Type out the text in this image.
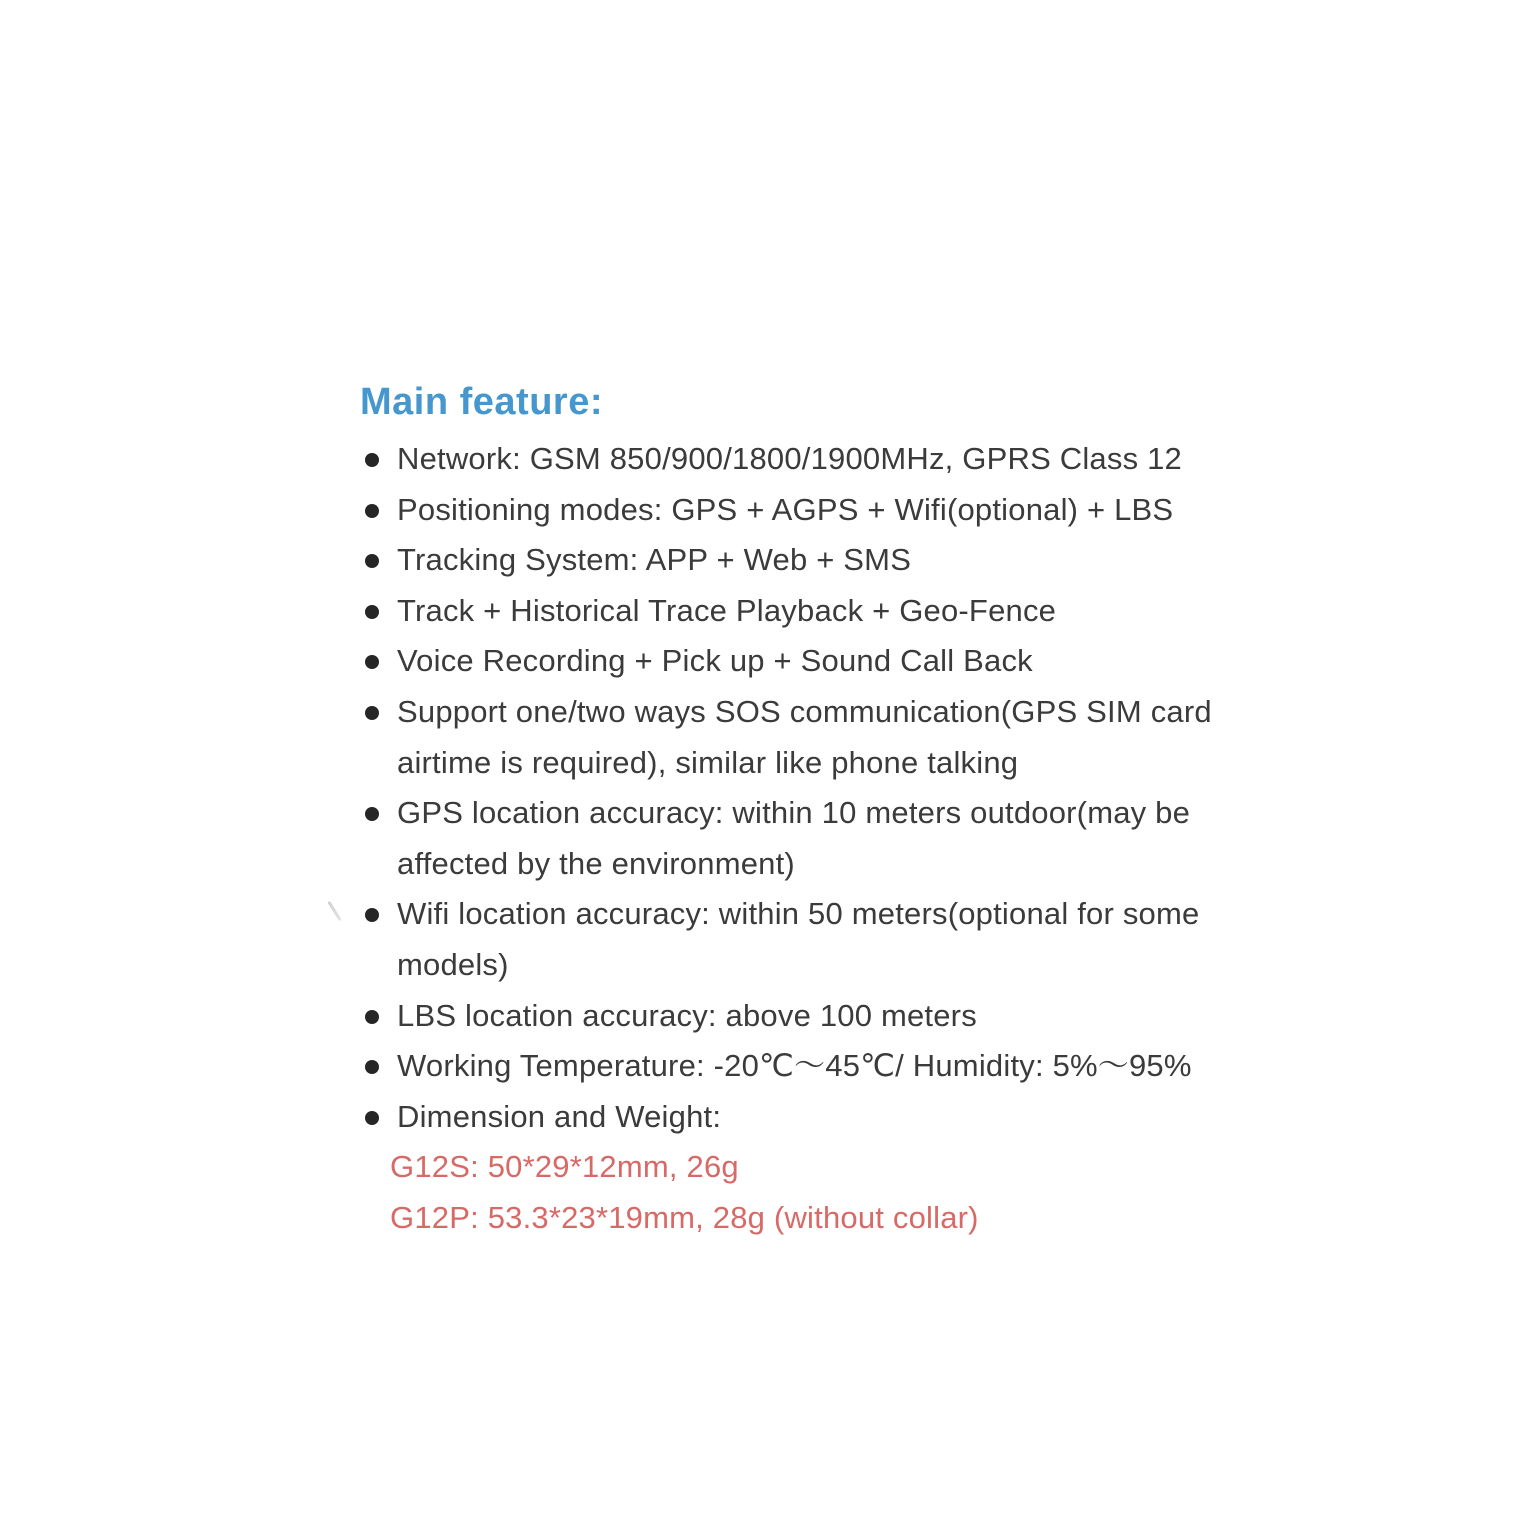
Main feature:
Network: GSM 850/900/1800/1900MHz, GPRS Class 12
Positioning modes: GPS + AGPS + Wifi(optional) + LBS
Tracking System: APP + Web + SMS
Track + Historical Trace Playback + Geo-Fence
Voice Recording + Pick up + Sound Call Back
Support one/two ways SOS communication(GPS SIM card
airtime is required), similar like phone talking
GPS location accuracy: within 10 meters outdoor(may be
affected by the environment)
Wifi location accuracy: within 50 meters(optional for some
models)
LBS location accuracy: above 100 meters
Working Temperature: -20℃～45℃/ Humidity: 5%～95%
Dimension and Weight:
G12S: 50*29*12mm, 26g
G12P: 53.3*23*19mm, 28g (without collar)
